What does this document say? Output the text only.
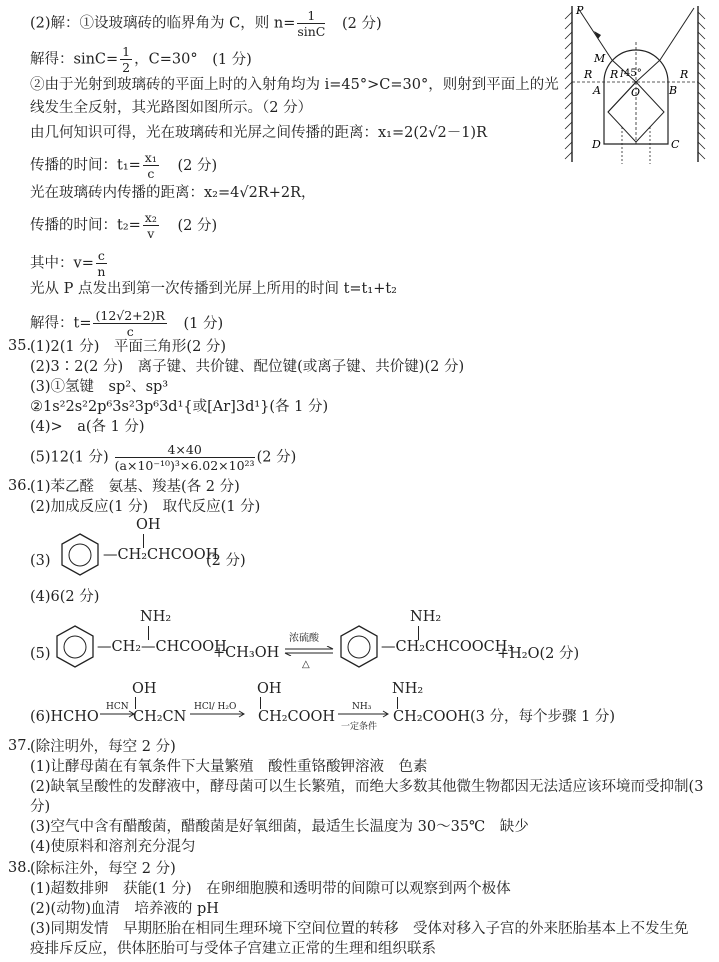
(2)解：①设玻璃砖的临界角为 C，则 $n= \frac{1}{\sin C} (2$ 分)
解得：$\sin C= \frac{1}{2}$ ，C=30° (1 分)
②由于光射到玻璃砖的平面上时的入射角均为 i=45°>C=30°，则射到平面上的光
线发生全反射，其光路图如图所示。（2 分）
由几何知识可得，光在玻璃砖和光屏之间传播的距离：x₁=2(2√2－1)R
传播的时间：$t_1= \frac{\text{x₁}}{c} (2$ 分)
光在玻璃砖内传播的距离：x₂=4√2R+2R，
传播的时间：$t_2= \frac{\text{x₂}}{v} (2$ 分)
其中：$v= \frac{c}{n}$
光从 P 点发出到第一次传播到光屏上所用的时间 t=t₁+t₂
解得：$t= \frac{(12√2+2)R}{c} (1$ 分)
P
M
R R 45°	R
A	O	B
D	C
I
35.
(1)2(1 分)　平面三角形(2 分)
(2)3∶2(2 分)　离子键、共价键、配位键(或离子键、共价键)(2 分)
(3)①氢键　sp²、sp³
②1s²2s²2p⁶3s²3p⁶3d¹{或[Ar]3d¹}(各 1 分)
(4)>　a(各 1 分)
(5)12(1 分) $\frac{4\times 40}{\text{(a×10⁻¹⁰)³×6.02×10²³}} (2$ 分)
36.
(1)苯乙醛　氨基、羧基(各 2 分)
(2)加成反应(1 分)　取代反应(1 分)
(3)
OH
—CH₂CHCOOH
(2 分)
(4)6(2 分)
(5)
NH₂
—CH₂—CHCOOH
+CH₃OH
浓硫酸
△
NH₂
—CH₂CHCOOCH₃
+H₂O(2 分)
(6)HCHO
HCN
OH
CH₂CN
HCl/ H₂O
OH
CH₂COOH
NH₃
一定条件
NH₂
CH₂COOH (3 分，每个步骤 1 分)
37.
(除注明外，每空 2 分)
(1)让酵母菌在有氧条件下大量繁殖　酸性重铬酸钾溶液　色素
(2)缺氧呈酸性的发酵液中，酵母菌可以生长繁殖，而绝大多数其他微生物都因无法适应该环境而受抑制(3
分)
(3)空气中含有醋酸菌，醋酸菌是好氧细菌，最适生长温度为 30～35℃　缺少
(4)使原料和溶剂充分混匀
38.
(除标注外，每空 2 分)
(1)超数排卵　获能(1 分)　在卵细胞膜和透明带的间隙可以观察到两个极体
(2)(动物)血清　培养液的 pH
(3)同期发情　早期胚胎在相同生理环境下空间位置的转移　受体对移入子宫的外来胚胎基本上不发生免
疫排斥反应，供体胚胎可与受体子宫建立正常的生理和组织联系
